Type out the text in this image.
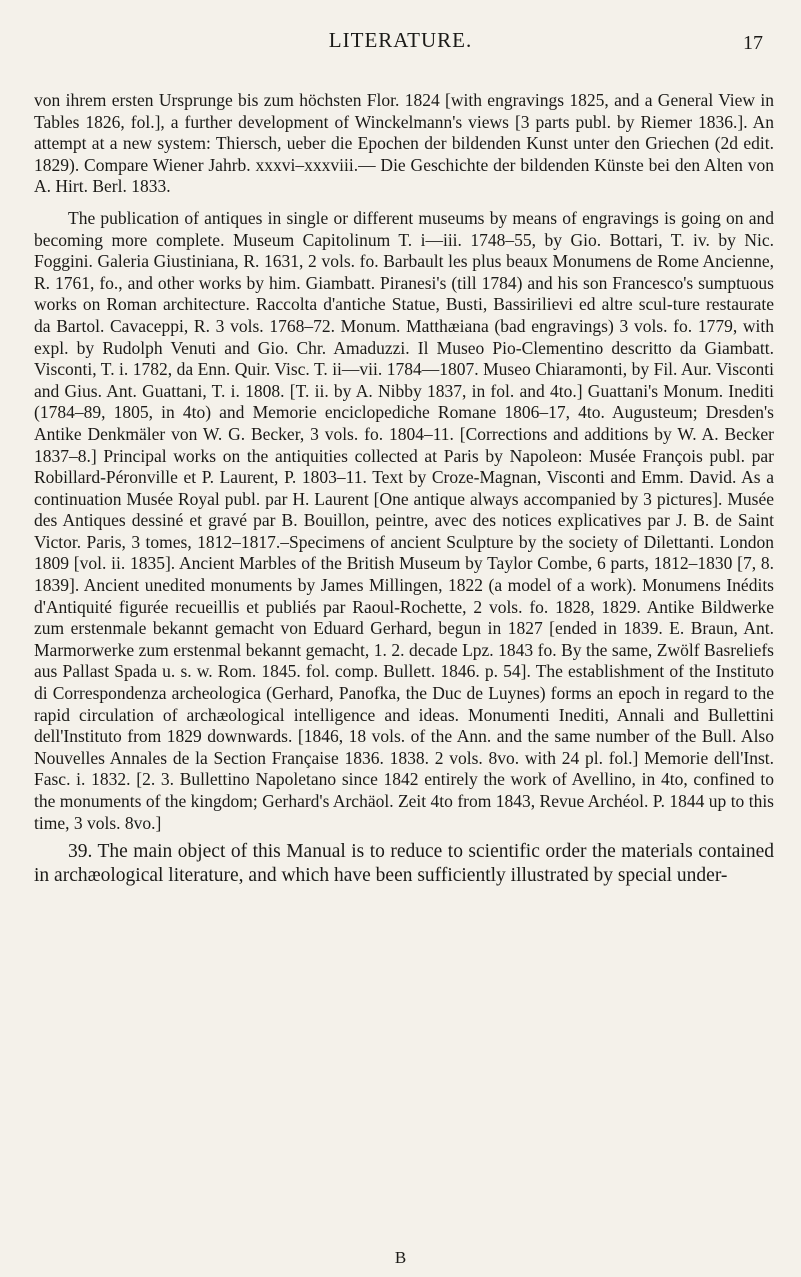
LITERATURE.	17

von ihrem ersten Ursprunge bis zum höchsten Flor. 1824 [with engravings 1825, and a General View in Tables 1826, fol.], a further development of Winckelmann's views [3 parts publ. by Riemer 1836.]. An attempt at a new system: Thiersch, ueber die Epochen der bildenden Kunst unter den Griechen (2d edit. 1829). Compare Wiener Jahrb. xxxvi–xxxviii.— Die Geschichte der bildenden Künste bei den Alten von A. Hirt. Berl. 1833.

The publication of antiques in single or different museums by means of engravings is going on and becoming more complete. Museum Capitolinum T. i—iii. 1748–55, by Gio. Bottari, T. iv. by Nic. Foggini. Galeria Giustiniana, R. 1631, 2 vols. fo. Barbault les plus beaux Monumens de Rome Ancienne, R. 1761, fo., and other works by him. Giambatt. Piranesi's (till 1784) and his son Francesco's sumptuous works on Roman architecture. Raccolta d'antiche Statue, Busti, Bassirilievi ed altre scul-ture restaurate da Bartol. Cavaceppi, R. 3 vols. 1768–72. Monum. Matthæiana (bad engravings) 3 vols. fo. 1779, with expl. by Rudolph Venuti and Gio. Chr. Amaduzzi. Il Museo Pio-Clementino descritto da Giambatt. Visconti, T. i. 1782, da Enn. Quir. Visc. T. ii—vii. 1784—1807. Museo Chiaramonti, by Fil. Aur. Visconti and Gius. Ant. Guattani, T. i. 1808. [T. ii. by A. Nibby 1837, in fol. and 4to.] Guattani's Monum. Inediti (1784–89, 1805, in 4to) and Memorie enciclopediche Romane 1806–17, 4to. Augusteum; Dresden's Antike Denkmäler von W. G. Becker, 3 vols. fo. 1804–11. [Corrections and additions by W. A. Becker 1837–8.] Principal works on the antiquities collected at Paris by Napoleon: Musée François publ. par Robillard-Péronville et P. Laurent, P. 1803–11. Text by Croze-Magnan, Visconti and Emm. David. As a continuation Musée Royal publ. par H. Laurent [One antique always accompanied by 3 pictures]. Musée des Antiques dessiné et gravé par B. Bouillon, peintre, avec des notices explicatives par J. B. de Saint Victor. Paris, 3 tomes, 1812–1817.–Specimens of ancient Sculpture by the society of Dilettanti. London 1809 [vol. ii. 1835]. Ancient Marbles of the British Museum by Taylor Combe, 6 parts, 1812–1830 [7, 8. 1839]. Ancient unedited monuments by James Millingen, 1822 (a model of a work). Monumens Inédits d'Antiquité figurée recueillis et publiés par Raoul-Rochette, 2 vols. fo. 1828, 1829. Antike Bildwerke zum erstenmale bekannt gemacht von Eduard Gerhard, begun in 1827 [ended in 1839. E. Braun, Ant. Marmorwerke zum erstenmal bekannt gemacht, 1. 2. decade Lpz. 1843 fo. By the same, Zwölf Basreliefs aus Pallast Spada u. s. w. Rom. 1845. fol. comp. Bullett. 1846. p. 54]. The establishment of the Instituto di Correspondenza archeologica (Gerhard, Panofka, the Duc de Luynes) forms an epoch in regard to the rapid circulation of archæological intelligence and ideas. Monumenti Inediti, Annali and Bullettini dell'Instituto from 1829 downwards. [1846, 18 vols. of the Ann. and the same number of the Bull. Also Nouvelles Annales de la Section Française 1836. 1838. 2 vols. 8vo. with 24 pl. fol.] Memorie dell'Inst. Fasc. i. 1832. [2. 3. Bullettino Napoletano since 1842 entirely the work of Avellino, in 4to, confined to the monuments of the kingdom; Gerhard's Archäol. Zeit 4to from 1843, Revue Archéol. P. 1844 up to this time, 3 vols. 8vo.]

39. The main object of this Manual is to reduce to scientific order the materials contained in archæological literature, and which have been sufficiently illustrated by special under-

B
